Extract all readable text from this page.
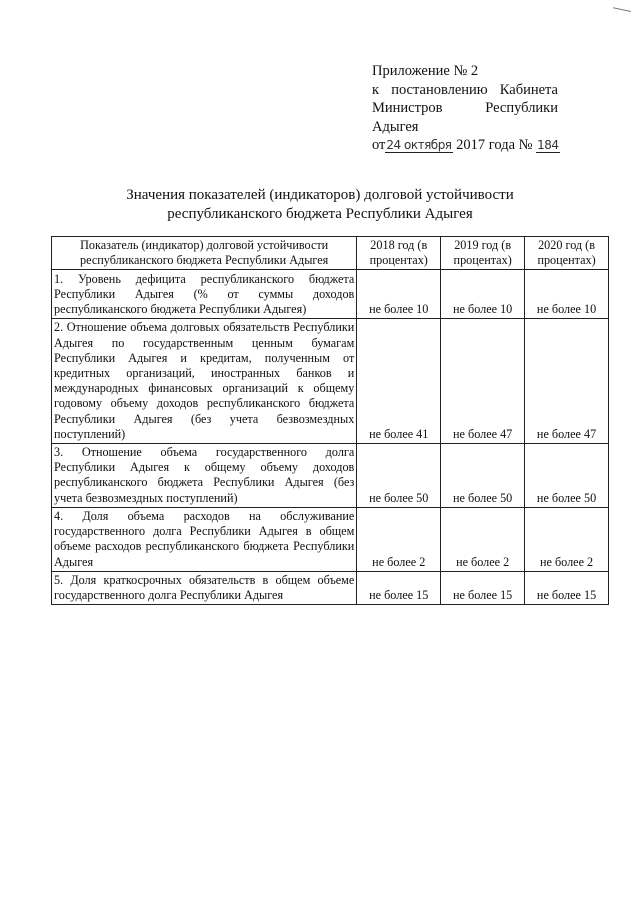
Приложение № 2
к постановлению Кабинета
Министров	Республики
Адыгея
от24 октября 2017 года № 184
Значения показателей (индикаторов) долговой устойчивости
республиканского бюджета Республики Адыгея
Показатель (индикатор) долговой устойчивости республиканского бюджета Республики Адыгея	2018 год (в процентах)	2019 год (в процентах)	2020 год (в процентах)
1. Уровень дефицита республиканского бюджета Республики Адыгея (% от суммы доходов республиканского бюджета Республики Адыгея)	не более 10	не более 10	не более 10
2. Отношение объема долговых обязательств Республики Адыгея по государственным ценным бумагам Республики Адыгея и кредитам, полученным от кредитных организаций, иностранных банков и международных финансовых организаций к общему годовому объему доходов республиканского бюджета Республики Адыгея (без учета безвозмездных поступлений)	не более 41	не более 47	не более 47
3. Отношение объема государственного долга Республики Адыгея к общему объему доходов республиканского бюджета Республики Адыгея (без учета безвозмездных поступлений)	не более 50	не более 50	не более 50
4. Доля объема расходов на обслуживание государственного долга Республики Адыгея в общем объеме расходов республиканского бюджета Республики Адыгея	не более 2	не более 2	не более 2
5. Доля краткосрочных обязательств в общем объеме государственного долга Республики Адыгея	не более 15	не более 15	не более 15
